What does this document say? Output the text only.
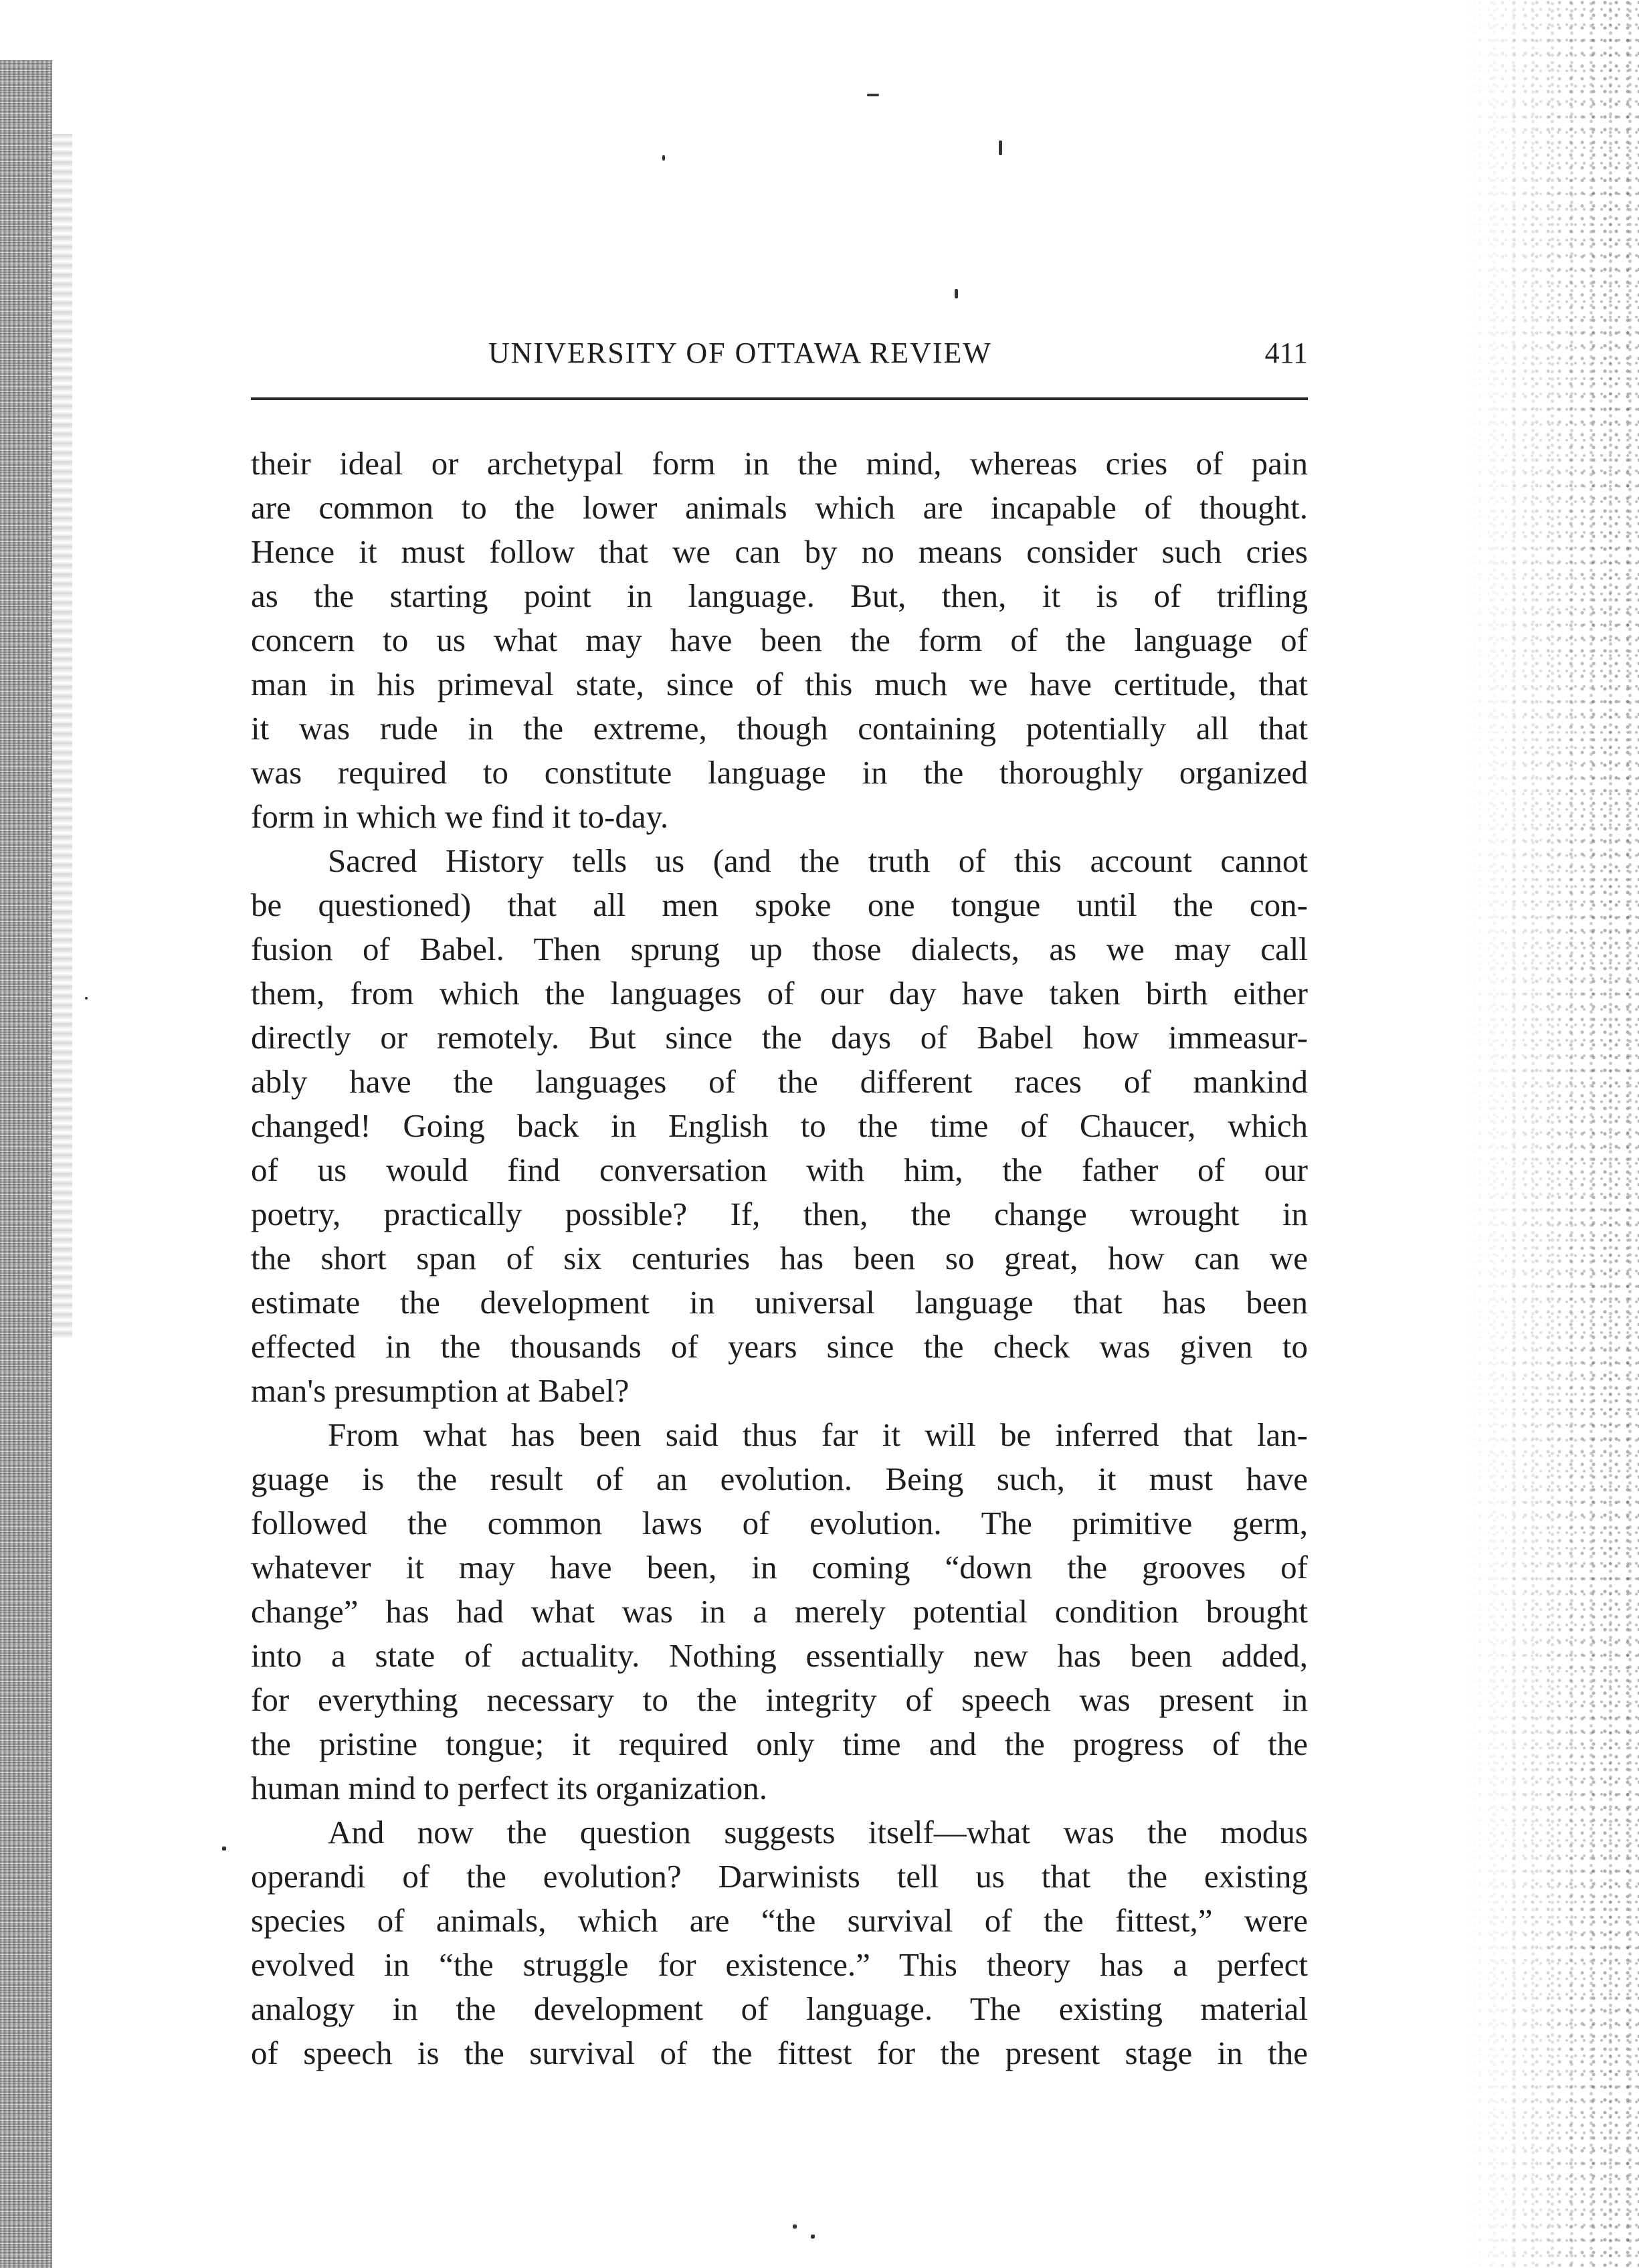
UNIVERSITY OF OTTAWA REVIEW	411
their ideal or archetypal form in the mind, whereas cries of pain
are common to the lower animals which are incapable of thought.
Hence it must follow that we can by no means consider such cries
as the starting point in language. But, then, it is of trifling
concern to us what may have been the form of the language of
man in his primeval state, since of this much we have certitude, that
it was rude in the extreme, though containing potentially all that
was required to constitute language in the thoroughly organized
form in which we find it to-day.
Sacred History tells us (and the truth of this account cannot
be questioned) that all men spoke one tongue until the con-
fusion of Babel. Then sprung up those dialects, as we may call
them, from which the languages of our day have taken birth either
directly or remotely. But since the days of Babel how immeasur-
ably have the languages of the different races of mankind
changed! Going back in English to the time of Chaucer, which
of us would find conversation with him, the father of our
poetry, practically possible? If, then, the change wrought in
the short span of six centuries has been so great, how can we
estimate the development in universal language that has been
effected in the thousands of years since the check was given to
man's presumption at Babel?
From what has been said thus far it will be inferred that lan-
guage is the result of an evolution. Being such, it must have
followed the common laws of evolution. The primitive germ,
whatever it may have been, in coming “down the grooves of
change” has had what was in a merely potential condition brought
into a state of actuality. Nothing essentially new has been added,
for everything necessary to the integrity of speech was present in
the pristine tongue; it required only time and the progress of the
human mind to perfect its organization.
And now the question suggests itself—what was the modus
operandi of the evolution? Darwinists tell us that the existing
species of animals, which are “the survival of the fittest,” were
evolved in “the struggle for existence.” This theory has a perfect
analogy in the development of language. The existing material
of speech is the survival of the fittest for the present stage in the
